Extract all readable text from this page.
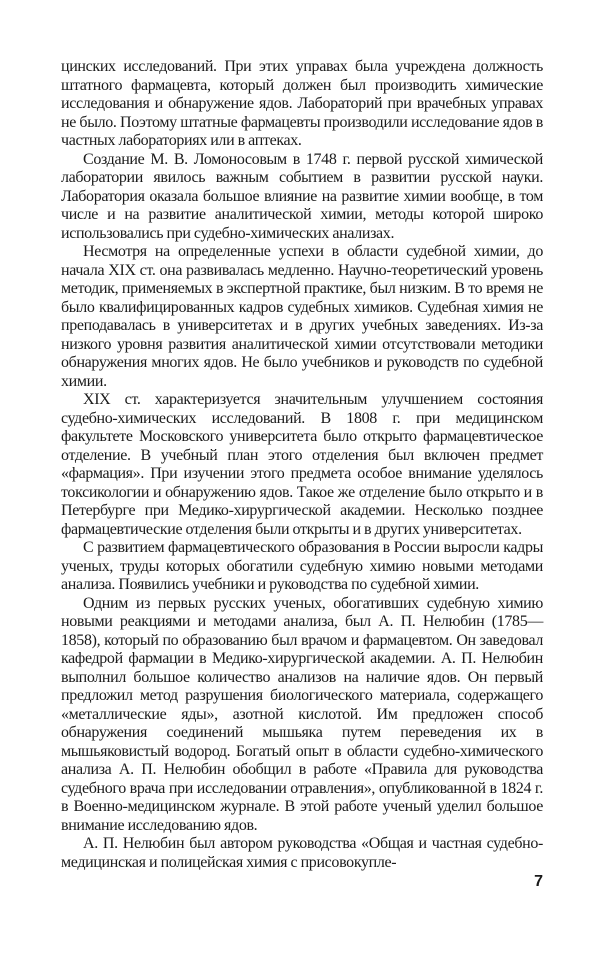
цинских исследований. При этих управах была учреждена должность штатного фармацевта, который должен был производить химические исследования и обнаружение ядов. Лабораторий при врачебных управах не было. Поэтому штатные фармацевты производили исследование ядов в частных лабораториях или в аптеках.

Создание М. В. Ломоносовым в 1748 г. первой русской химической лаборатории явилось важным событием в развитии русской науки. Лаборатория оказала большое влияние на развитие химии вообще, в том числе и на развитие аналитической химии, методы которой широко использовались при судебно-химических анализах.

Несмотря на определенные успехи в области судебной химии, до начала XIX ст. она развивалась медленно. Научно-теоретический уровень методик, применяемых в экспертной практике, был низким. В то время не было квалифицированных кадров судебных химиков. Судебная химия не преподавалась в университетах и в других учебных заведениях. Из-за низкого уровня развития аналитической химии отсутствовали методики обнаружения многих ядов. Не было учебников и руководств по судебной химии.

XIX ст. характеризуется значительным улучшением состояния судебно-химических исследований. В 1808 г. при медицинском факультете Московского университета было открыто фармацевтическое отделение. В учебный план этого отделения был включен предмет «фармация». При изучении этого предмета особое внимание уделялось токсикологии и обнаружению ядов. Такое же отделение было открыто и в Петербурге при Медико-хирургической академии. Несколько позднее фармацевтические отделения были открыты и в других университетах.

С развитием фармацевтического образования в России выросли кадры ученых, труды которых обогатили судебную химию новыми методами анализа. Появились учебники и руководства по судебной химии.

Одним из первых русских ученых, обогативших судебную химию новыми реакциями и методами анализа, был А. П. Нелюбин (1785—1858), который по образованию был врачом и фармацевтом. Он заведовал кафедрой фармации в Медико-хирургической академии. А. П. Нелюбин выполнил большое количество анализов на наличие ядов. Он первый предложил метод разрушения биологического материала, содержащего «металлические яды», азотной кислотой. Им предложен способ обнаружения соединений мышьяка путем переведения их в мышьяковистый водород. Богатый опыт в области судебно-химического анализа А. П. Нелюбин обобщил в работе «Правила для руководства судебного врача при исследовании отравления», опубликованной в 1824 г. в Военно-медицинском журнале. В этой работе ученый уделил большое внимание исследованию ядов.

А. П. Нелюбин был автором руководства «Общая и частная судебно-медицинская и полицейская химия с присовокупле-

7
